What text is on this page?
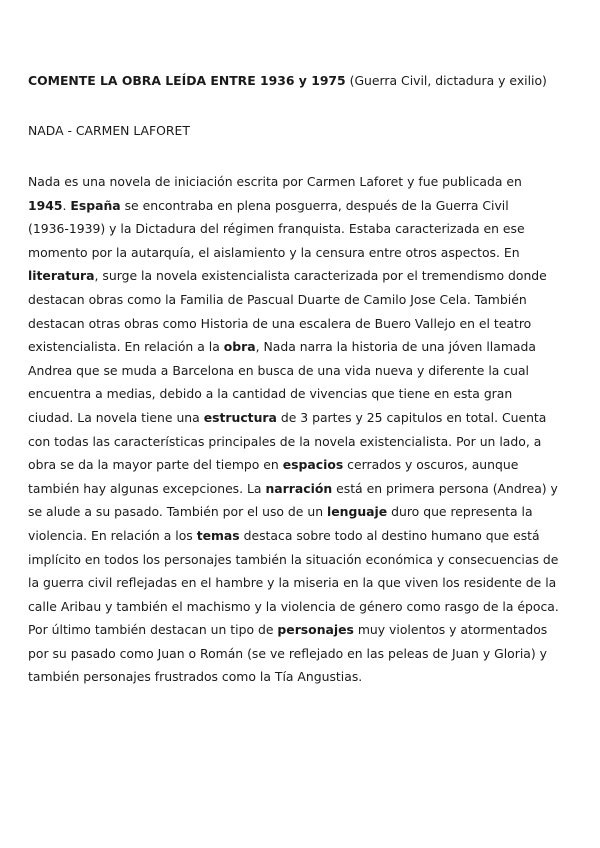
COMENTE LA OBRA LEÍDA ENTRE 1936 y 1975 (Guerra Civil, dictadura y exilio)
NADA - CARMEN LAFORET
Nada es una novela de iniciación escrita por Carmen Laforet y fue publicada en
1945. España se encontraba en plena posguerra, después de la Guerra Civil
(1936-1939) y la Dictadura del régimen franquista. Estaba caracterizada en ese
momento por la autarquía, el aislamiento y la censura entre otros aspectos. En
literatura, surge la novela existencialista caracterizada por el tremendismo donde
destacan obras como la Familia de Pascual Duarte de Camilo Jose Cela. También
destacan otras obras como Historia de una escalera de Buero Vallejo en el teatro
existencialista. En relación a la obra, Nada narra la historia de una jóven llamada
Andrea que se muda a Barcelona en busca de una vida nueva y diferente la cual
encuentra a medias, debido a la cantidad de vivencias que tiene en esta gran
ciudad. La novela tiene una estructura de 3 partes y 25 capitulos en total. Cuenta
con todas las características principales de la novela existencialista. Por un lado, a
obra se da la mayor parte del tiempo en espacios cerrados y oscuros, aunque
también hay algunas excepciones. La narración está en primera persona (Andrea) y
se alude a su pasado. También por el uso de un lenguaje duro que representa la
violencia. En relación a los temas destaca sobre todo al destino humano que está
implícito en todos los personajes también la situación económica y consecuencias de
la guerra civil reflejadas en el hambre y la miseria en la que viven los residente de la
calle Aribau y también el machismo y la violencia de género como rasgo de la época.
Por último también destacan un tipo de personajes muy violentos y atormentados
por su pasado como Juan o Román (se ve reflejado en las peleas de Juan y Gloria) y
también personajes frustrados como la Tía Angustias.
